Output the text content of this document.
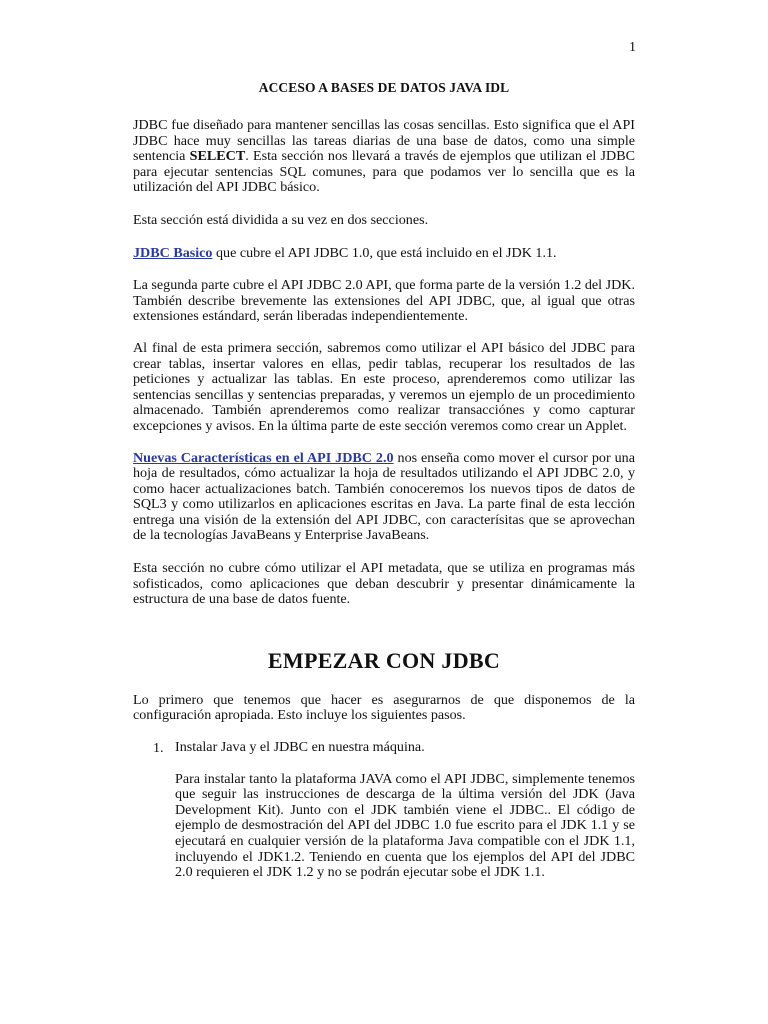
1
ACCESO A BASES DE DATOS JAVA IDL

JDBC fue diseñado para mantener sencillas las cosas sencillas. Esto significa que el API JDBC hace muy sencillas las tareas diarias de una base de datos, como una simple sentencia SELECT. Esta sección nos llevará a través de ejemplos que utilizan el JDBC para ejecutar sentencias SQL comunes, para que podamos ver lo sencilla que es la utilización del API JDBC básico.

Esta sección está dividida a su vez en dos secciones.

JDBC Basico que cubre el API JDBC 1.0, que está incluido en el JDK 1.1.

La segunda parte cubre el API JDBC 2.0 API, que forma parte de la versión 1.2 del JDK. También describe brevemente las extensiones del API JDBC, que, al igual que otras extensiones estándard, serán liberadas independientemente.

Al final de esta primera sección, sabremos como utilizar el API básico del JDBC para crear tablas, insertar valores en ellas, pedir tablas, recuperar los resultados de las peticiones y actualizar las tablas. En este proceso, aprenderemos como utilizar las sentencias sencillas y sentencias preparadas, y veremos un ejemplo de un procedimiento almacenado. También aprenderemos como realizar transacciónes y como capturar excepciones y avisos. En la última parte de este sección veremos como crear un Applet.

Nuevas Características en el API JDBC 2.0 nos enseña como mover el cursor por una hoja de resultados, cómo actualizar la hoja de resultados utilizando el API JDBC 2.0, y como hacer actualizaciones batch. También conoceremos los nuevos tipos de datos de SQL3 y como utilizarlos en aplicaciones escritas en Java. La parte final de esta lección entrega una visión de la extensión del API JDBC, con caracterísitas que se aprovechan de la tecnologías JavaBeans y Enterprise JavaBeans.

Esta sección no cubre cómo utilizar el API metadata, que se utiliza en programas más sofisticados, como aplicaciones que deban descubrir y presentar dinámicamente la estructura de una base de datos fuente.

EMPEZAR CON JDBC

Lo primero que tenemos que hacer es asegurarnos de que disponemos de la configuración apropiada. Esto incluye los siguientes pasos.

1. Instalar Java y el JDBC en nuestra máquina.

Para instalar tanto la plataforma JAVA como el API JDBC, simplemente tenemos que seguir las instrucciones de descarga de la última versión del JDK (Java Development Kit). Junto con el JDK también viene el JDBC.. El código de ejemplo de desmostración del API del JDBC 1.0 fue escrito para el JDK 1.1 y se ejecutará en cualquier versión de la plataforma Java compatible con el JDK 1.1, incluyendo el JDK1.2. Teniendo en cuenta que los ejemplos del API del JDBC 2.0 requieren el JDK 1.2 y no se podrán ejecutar sobe el JDK 1.1.
